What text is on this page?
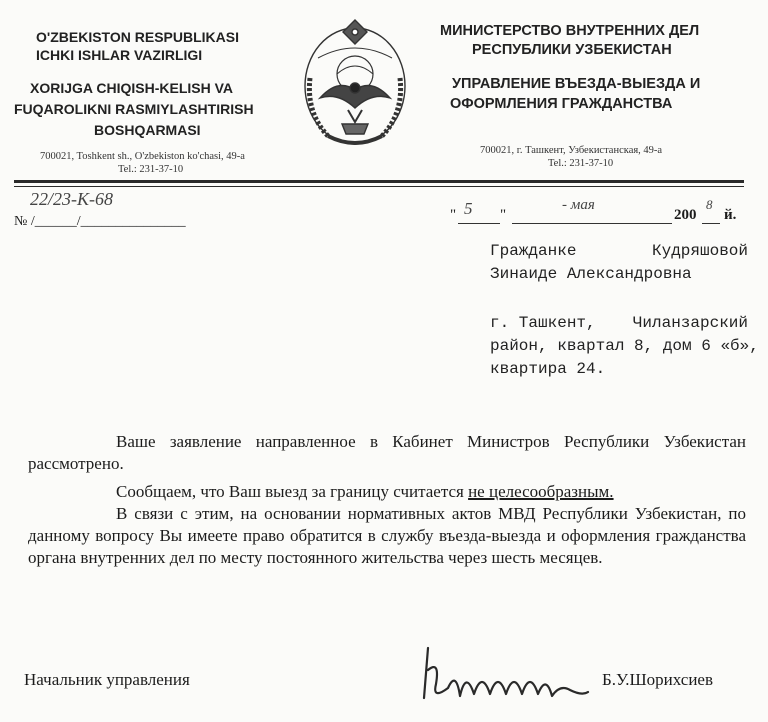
O'ZBEKISTON RESPUBLIKASI
ICHKI ISHLAR VAZIRLIGI
XORIJGA CHIQISH-KELISH VA
FUQAROLIKNI RASMIYLASHTIRISH
BOSHQARMASI
700021, Toshkent sh., O'zbekiston ko'chasi, 49-a
Tel.: 231-37-10
МИНИСТЕРСТВО ВНУТРЕННИХ ДЕЛ
РЕСПУБЛИКИ УЗБЕКИСТАН
УПРАВЛЕНИЕ ВЪЕЗДА-ВЫЕЗДА И
ОФОРМЛЕНИЯ ГРАЖДАНСТВА
700021, г. Ташкент, Узбекистанская, 49-а
Tel.: 231-37-10
22/23-К-68
№ /______/_______________	" 5 "
- мая
200
8
й.
Гражданке	Кудряшовой
Зинаиде Александровна
г. Ташкент, Чиланзарский
район, квартал 8, дом 6 «б»,
квартира 24.
Ваше заявление направленное в Кабинет Министров Республики Узбекистан рассмотрено.
Сообщаем, что Ваш выезд за границу считается не целесообразным.
В связи с этим, на основании нормативных актов МВД Республики Узбекистан, по данному вопросу Вы имеете право обратится в службу въезда-выезда и оформления гражданства органа внутренних дел по месту постоянного жительства через шесть месяцев.
Начальник управления	Б.У.Шорихсиев
